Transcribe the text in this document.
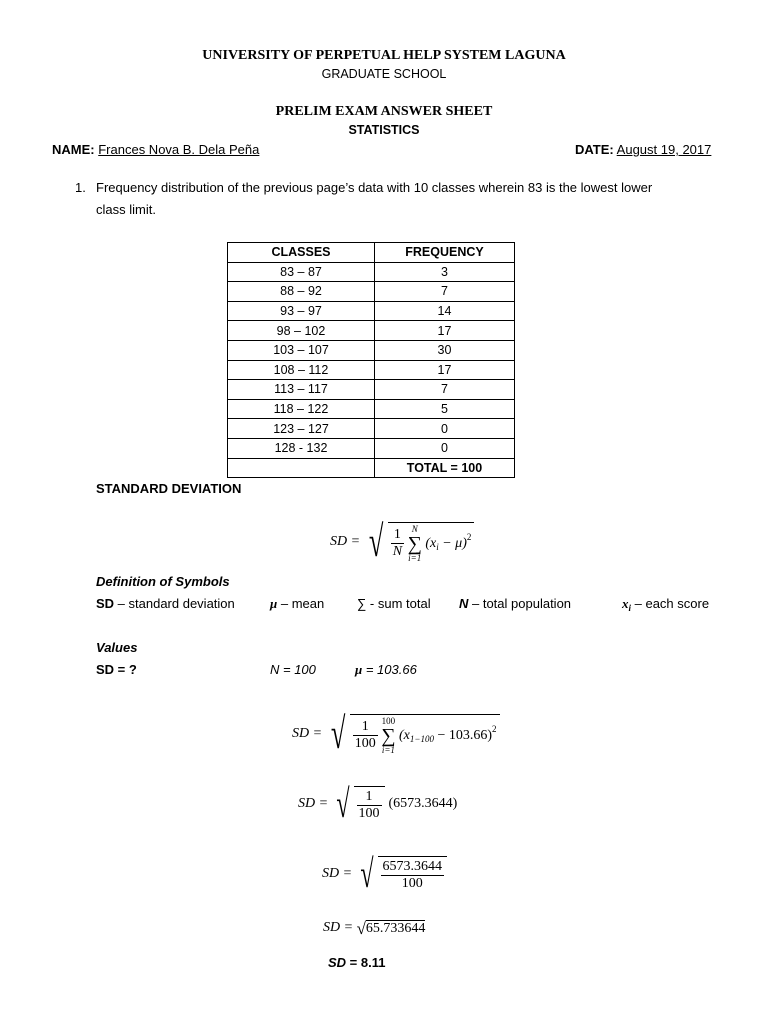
UNIVERSITY OF PERPETUAL HELP SYSTEM LAGUNA
GRADUATE SCHOOL
PRELIM EXAM ANSWER SHEET
STATISTICS
NAME: Frances Nova B. Dela Peña	DATE: August 19, 2017
1. Frequency distribution of the previous page’s data with 10 classes wherein 83 is the lowest lower
class limit.
CLASSES	FREQUENCY
83 – 87	3
88 – 92	7
93 – 97	14
98 – 102	17
103 – 107	30
108 – 112	17
113 – 117	7
118 – 122	5
123 – 127	0
128 - 132	0
	TOTAL = 100
STANDARD DEVIATION
SD =
√ $\frac{1}{N}$
N
∑
i=1
$(x_i - \mu)^2$
Definition of Symbols
SD – standard deviation	μ – mean	∑ - sum total N – total population	$x_i$ – each score
Values
SD = ?	N = 100	μ = 103.66
SD =
√ $\frac{1}{100}$
100
∑
i=1
$(x_{1-100} - 103.66)^2$
SD =
√ $\frac{1}{100} (6573.3644)$
SD =
√ $\frac{6573.3644}{100}$
SD =
√ 65.733644
SD = 8.11
